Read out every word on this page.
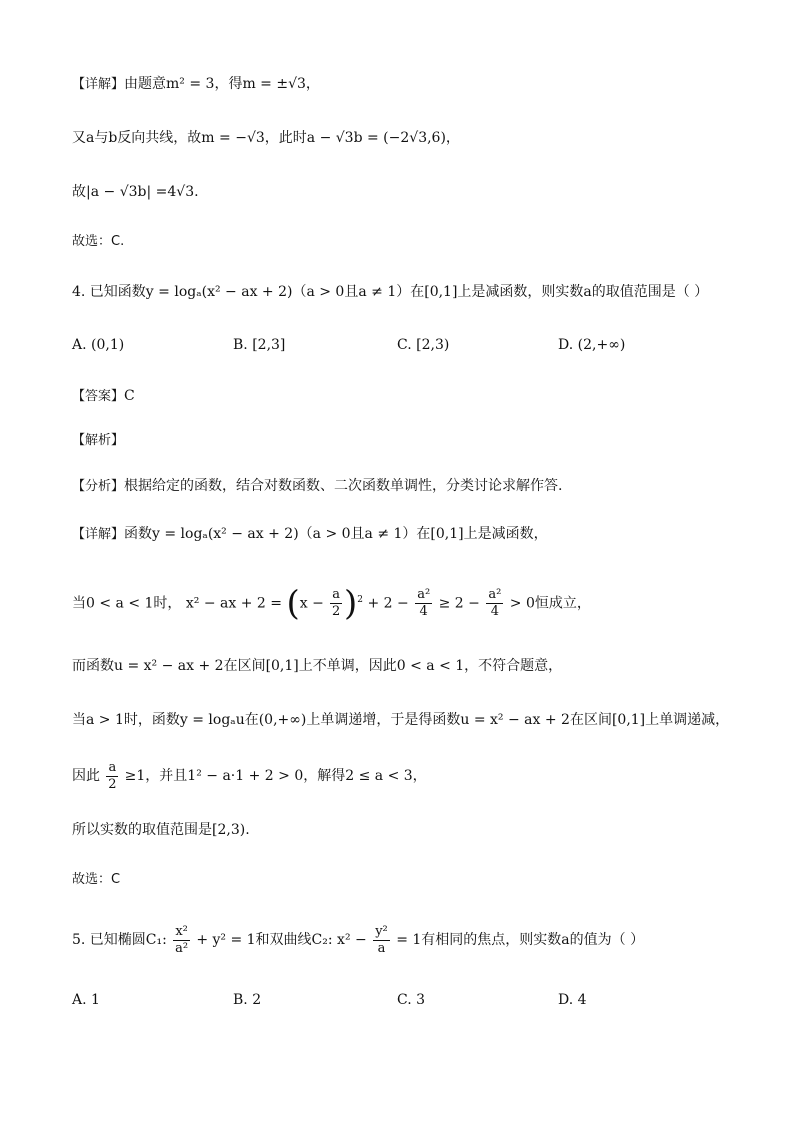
【详解】由题意m² = 3，得m = ±√3，
又a与b反向共线，故m = −√3，此时a − √3b = (−2√3,6)，
故|a − √3b| =4√3.
故选：C.
4. 已知函数y = logₐ(x² − ax + 2)（a > 0且a ≠ 1）在[0,1]上是减函数，则实数a的取值范围是（ ）
A. (0,1)	B. [2,3]	C. [2,3)	D. (2,+∞)
【答案】C
【解析】
【分析】根据给定的函数，结合对数函数、二次函数单调性，分类讨论求解作答.
【详解】函数y = logₐ(x² − ax + 2)（a > 0且a ≠ 1）在[0,1]上是减函数，
当0 < a < 1时， x² − ax + $2 = (x - \frac{a}{2} )^2 + 2 - \frac{\text{a²}}{4} \ge 2 - \frac{\text{a²}}{4} > 0$恒成立，
而函数u = x² − ax + 2在区间[0,1]上不单调，因此0 < a < 1，不符合题意，
当a > 1时，函数y = logₐu在(0,+∞)上单调递增，于是得函数u = x² − ax + 2在区间[0,1]上单调递减，
因此 $\frac{a}{2} \ge 1$，并且1² − a·1 + 2 > 0，解得2 ≤ a < 3，
所以实数的取值范围是[2,3).
故选：C
5. 已知椭圆C₁: $\frac{\text{x²}}{\text{a²}} + y^2 = 1$和双曲线C₂: $x^2 - \frac{\text{y²}}{a} = 1$有相同的焦点，则实数a的值为（ ）
A. 1	B. 2	C. 3	D. 4
